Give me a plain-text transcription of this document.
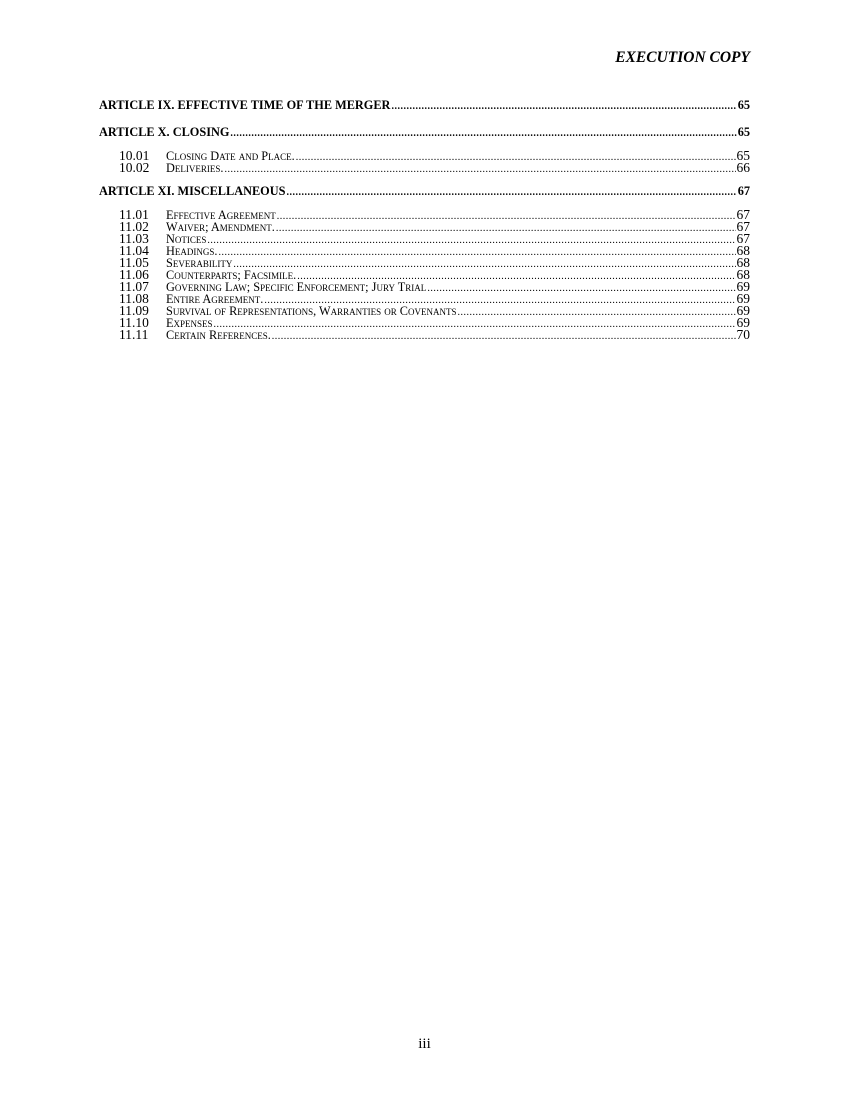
EXECUTION COPY
ARTICLE IX. EFFECTIVE TIME OF THE MERGER .....	65
ARTICLE X. CLOSING .....	65
10.01	Closing Date and Place. .....	65
10.02	Deliveries. .....	66
ARTICLE XI. MISCELLANEOUS .....	67
11.01	Effective Agreement .....	67
11.02	Waiver; Amendment. .....	67
11.03	Notices .....	67
11.04	Headings. .....	68
11.05	Severability .....	68
11.06	Counterparts; Facsimile. .....	68
11.07	Governing Law; Specific Enforcement; Jury Trial .....	69
11.08	Entire Agreement. .....	69
11.09	Survival of Representations, Warranties or Covenants .....	69
11.10	Expenses .....	69
11.11	Certain References. .....	70
iii
